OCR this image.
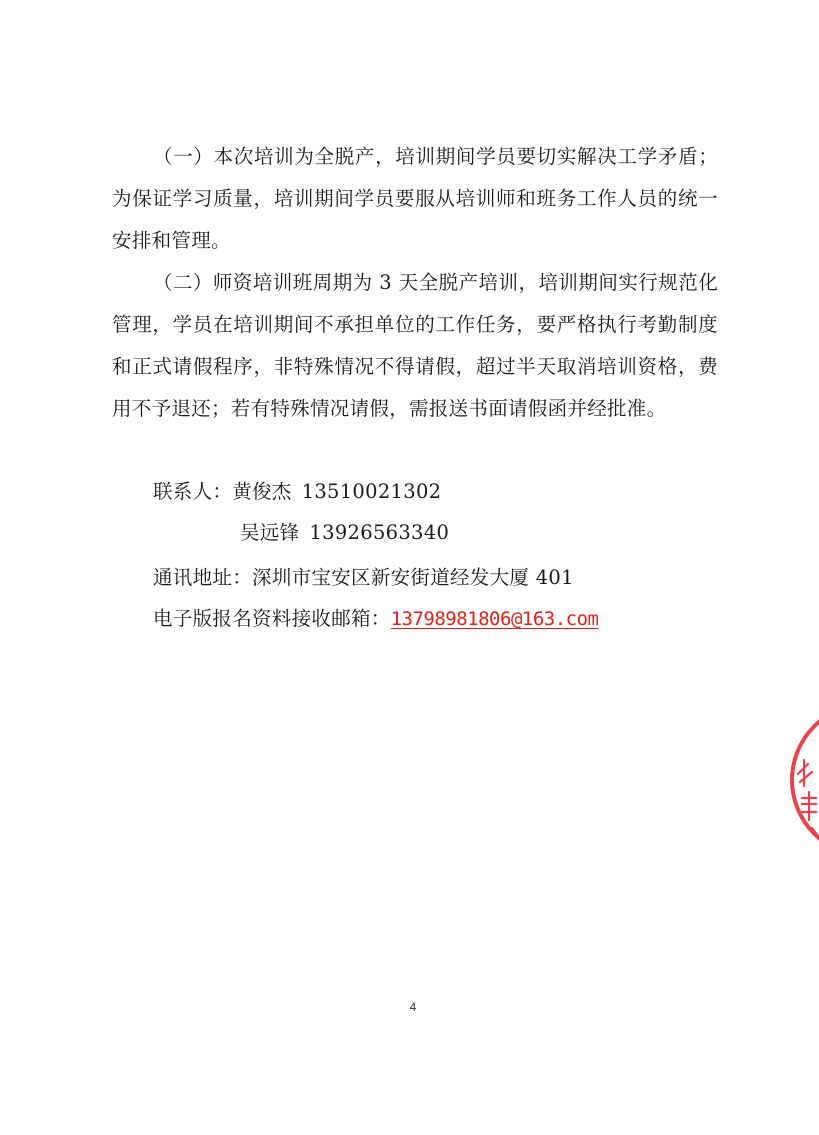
（一）本次培训为全脱产，培训期间学员要切实解决工学矛盾；为保证学习质量，培训期间学员要服从培训师和班务工作人员的统一安排和管理。

（二）师资培训班周期为 3 天全脱产培训，培训期间实行规范化管理，学员在培训期间不承担单位的工作任务，要严格执行考勤制度和正式请假程序，非特殊情况不得请假，超过半天取消培训资格，费用不予退还；若有特殊情况请假，需报送书面请假函并经批准。

联系人：黄俊杰 13510021302
吴远锋 13926563340
通讯地址：深圳市宝安区新安街道经发大厦 401
电子版报名资料接收邮箱：13798981806@163.com
4
